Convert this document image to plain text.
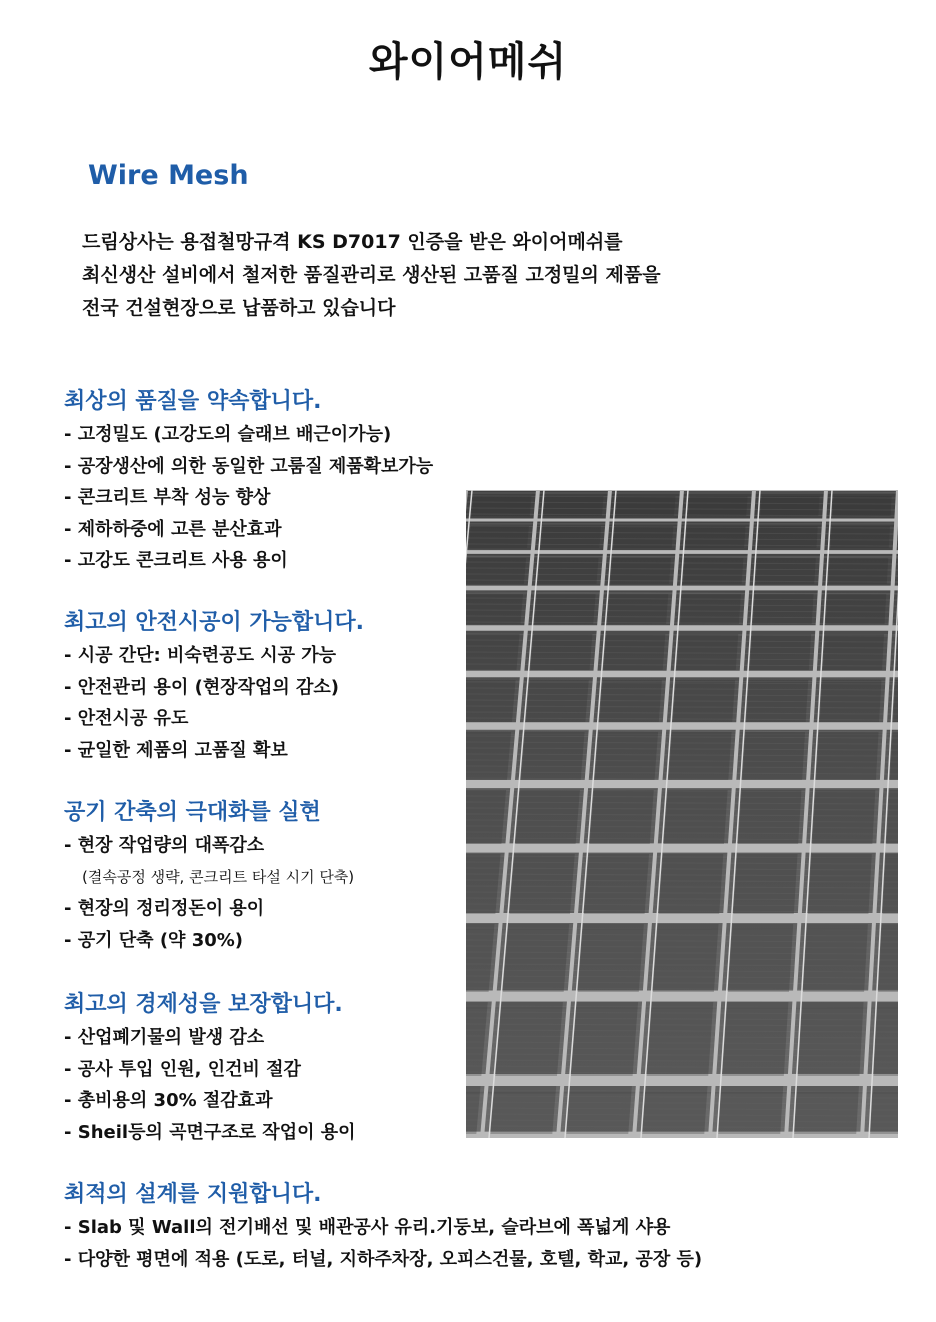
와이어메쉬
Wire Mesh
드림상사는 용접철망규격 KS D7017 인증을 받은 와이어메쉬를
최신생산 설비에서 철저한 품질관리로 생산된 고품질 고정밀의 제품을
전국 건설현장으로 납품하고 있습니다
최상의 품질을 약속합니다.
- 고정밀도 (고강도의 슬래브 배근이가능)
- 공장생산에 의한 동일한 고룸질 제품확보가능
- 콘크리트 부착 성능 향상
- 제하하중에 고른 분산효과
- 고강도 콘크리트 사용 용이
최고의 안전시공이 가능합니다.
- 시공 간단: 비숙련공도 시공 가능
- 안전관리 용이 (현장작업의 감소)
- 안전시공 유도
- 균일한 제품의 고품질 확보
공기 간축의 극대화를 실현
- 현장 작업량의 대폭감소
(결속공정 생략, 콘크리트 타설 시기 단축)
- 현장의 정리정돈이 용이
- 공기 단축 (약 30%)
최고의 경제성을 보장합니다.
- 산업폐기물의 발생 감소
- 공사 투입 인원, 인건비 절감
- 총비용의 30% 절감효과
- Sheil등의 곡면구조로 작업이 용이
최적의 설계를 지원합니다.
- Slab 및 Wall의 전기배선 및 배관공사 유리.기둥보, 슬라브에 폭넓게 샤용
- 다양한 평면에 적용 (도로, 터널, 지하주차장, 오피스건물, 호텔, 학교, 공장 등)
